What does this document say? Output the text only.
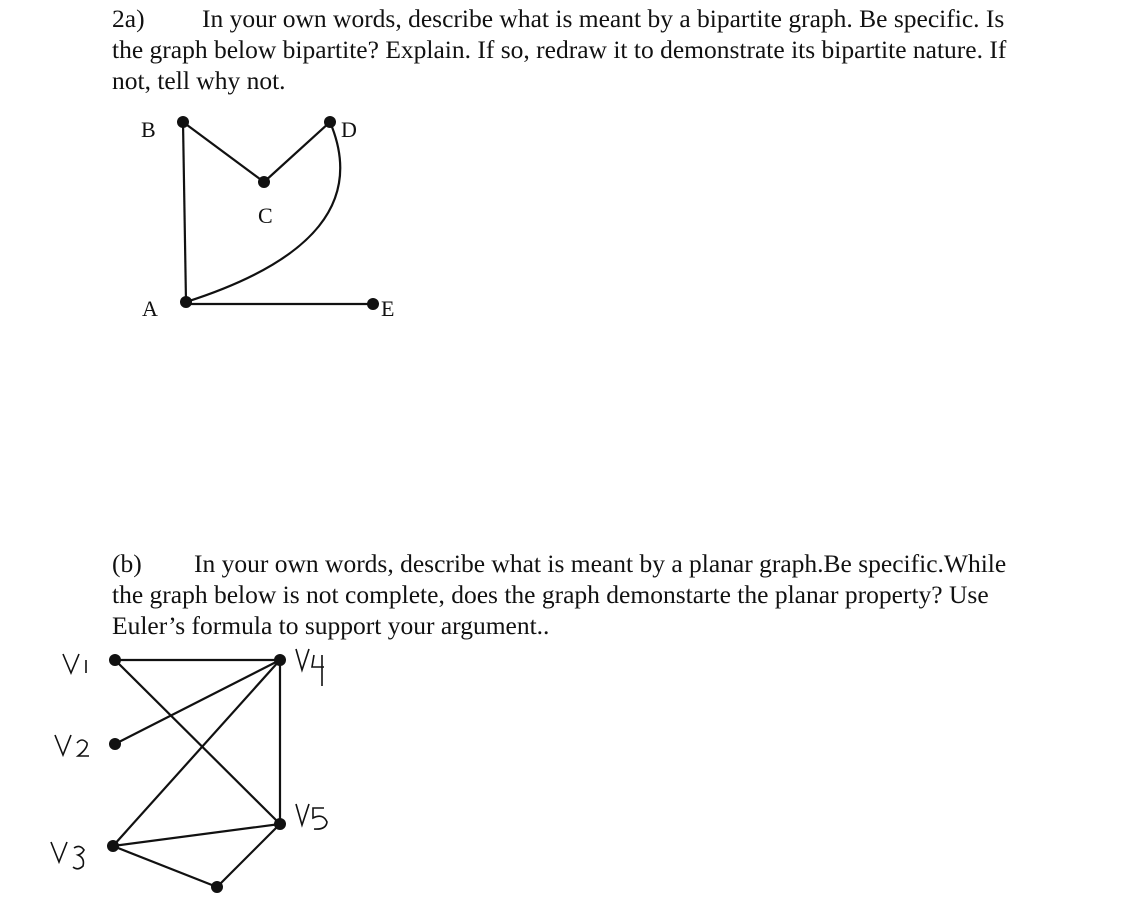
2a) In your own words, describe what is meant by a bipartite graph. Be specific. Is
the graph below bipartite? Explain. If so, redraw it to demonstrate its bipartite nature. If
not, tell why not.
B	D
C
A	E
(b) In your own words, describe what is meant by a planar graph.Be specific.While
the graph below is not complete, does the graph demonstarte the planar property? Use
Euler’s formula to support your argument..
